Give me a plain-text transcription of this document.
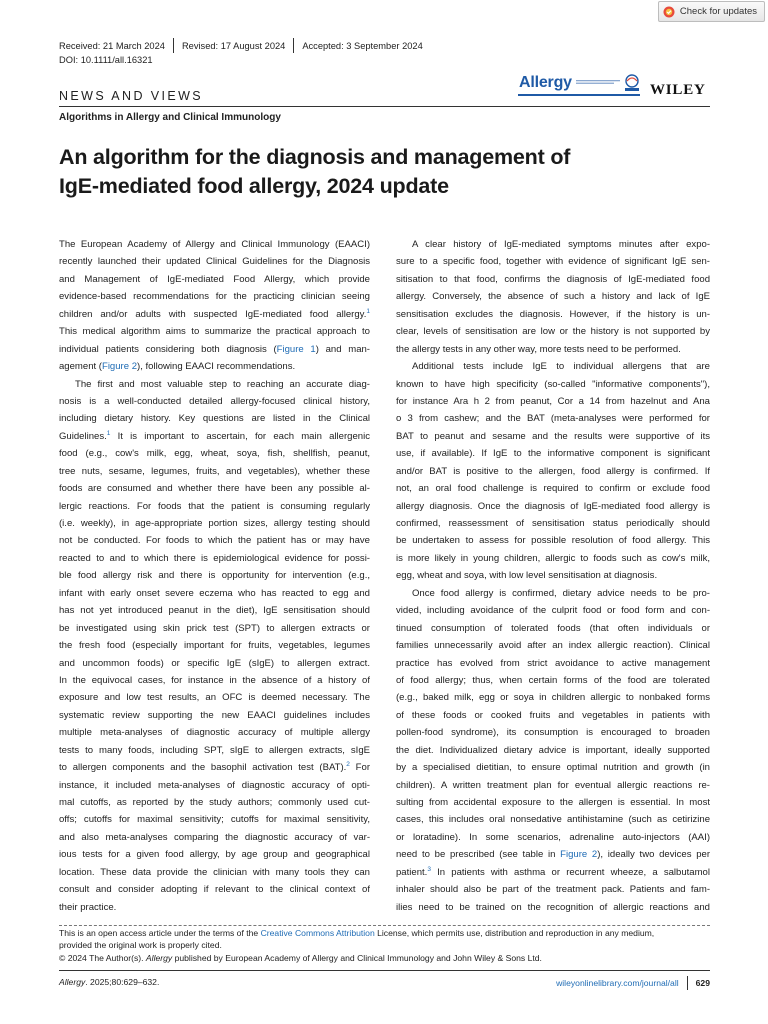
Check for updates
Received: 21 March 2024 Revised: 17 August 2024 Accepted: 3 September 2024
DOI: 10.1111/all.16321
Allergy	WILEY
NEWS AND VIEWS
Algorithms in Allergy and Clinical Immunology
An algorithm for the diagnosis and management of
IgE-mediated food allergy, 2024 update
The European Academy of Allergy and Clinical Immunology (EAACI)
recently launched their updated Clinical Guidelines for the Diagnosis
and Management of IgE-mediated Food Allergy, which provide
evidence-based recommendations for the practicing clinician seeing
children and/or adults with suspected IgE-mediated food allergy.$^1$
This medical algorithm aims to summarize the practical approach to
individual patients considering both diagnosis (Figure 1) and man-
agement (Figure 2), following EAACI recommendations.
The first and most valuable step to reaching an accurate diag-
nosis is a well-conducted detailed allergy-focused clinical history,
including dietary history. Key questions are listed in the Clinical
Guidelines.$^1$ It is important to ascertain, for each main allergenic
food (e.g., cow's milk, egg, wheat, soya, fish, shellfish, peanut,
tree nuts, sesame, legumes, fruits, and vegetables), whether these
foods are consumed and whether there have been any possible al-
lergic reactions. For foods that the patient is consuming regularly
(i.e. weekly), in age-appropriate portion sizes, allergy testing should
not be conducted. For foods to which the patient has or may have
reacted to and to which there is epidemiological evidence for possi-
ble food allergy risk and there is opportunity for intervention (e.g.,
infant with early onset severe eczema who has reacted to egg and
has not yet introduced peanut in the diet), IgE sensitisation should
be investigated using skin prick test (SPT) to allergen extracts or
the fresh food (especially important for fruits, vegetables, legumes
and uncommon foods) or specific IgE (sIgE) to allergen extract.
In the equivocal cases, for instance in the absence of a history of
exposure and low test results, an OFC is deemed necessary. The
systematic review supporting the new EAACI guidelines includes
multiple meta-analyses of diagnostic accuracy of multiple allergy
tests to many foods, including SPT, sIgE to allergen extracts, sIgE
to allergen components and the basophil activation test (BAT).$^2$ For
instance, it included meta-analyses of diagnostic accuracy of opti-
mal cutoffs, as reported by the study authors; commonly used cut-
offs; cutoffs for maximal sensitivity; cutoffs for maximal sensitivity,
and also meta-analyses comparing the diagnostic accuracy of var-
ious tests for a given food allergy, by age group and geographical
location. These data provide the clinician with many tools they can
consult and consider adopting if relevant to the clinical context of
their practice.
A clear history of IgE-mediated symptoms minutes after expo-
sure to a specific food, together with evidence of significant IgE sen-
sitisation to that food, confirms the diagnosis of IgE-mediated food
allergy. Conversely, the absence of such a history and lack of IgE
sensitisation excludes the diagnosis. However, if the history is un-
clear, levels of sensitisation are low or the history is not supported by
the allergy tests in any other way, more tests need to be performed.
Additional tests include IgE to individual allergens that are
known to have high specificity (so-called "informative components"),
for instance Ara h 2 from peanut, Cor a 14 from hazelnut and Ana
o 3 from cashew; and the BAT (meta-analyses were performed for
BAT to peanut and sesame and the results were supportive of its
use, if available). If IgE to the informative component is significant
and/or BAT is positive to the allergen, food allergy is confirmed. If
not, an oral food challenge is required to confirm or exclude food
allergy diagnosis. Once the diagnosis of IgE-mediated food allergy is
confirmed, reassessment of sensitisation status periodically should
be undertaken to assess for possible resolution of food allergy. This
is more likely in young children, allergic to foods such as cow's milk,
egg, wheat and soya, with low level sensitisation at diagnosis.
Once food allergy is confirmed, dietary advice needs to be pro-
vided, including avoidance of the culprit food or food form and con-
tinued consumption of tolerated foods (that often individuals or
families unnecessarily avoid after an index allergic reaction). Clinical
practice has evolved from strict avoidance to active management
of food allergy; thus, when certain forms of the food are tolerated
(e.g., baked milk, egg or soya in children allergic to nonbaked forms
of these foods or cooked fruits and vegetables in patients with
pollen-food syndrome), its consumption is encouraged to broaden
the diet. Individualized dietary advice is important, ideally supported
by a specialised dietitian, to ensure optimal nutrition and growth (in
children). A written treatment plan for eventual allergic reactions re-
sulting from accidental exposure to the allergen is essential. In most
cases, this includes oral nonsedative antihistamine (such as cetirizine
or loratadine). In some scenarios, adrenaline auto-injectors (AAI)
need to be prescribed (see table in Figure 2), ideally two devices per
patient.$^3$ In patients with asthma or recurrent wheeze, a salbutamol
inhaler should also be part of the treatment pack. Patients and fam-
ilies need to be trained on the recognition of allergic reactions and
This is an open access article under the terms of the Creative Commons Attribution License, which permits use, distribution and reproduction in any medium,
provided the original work is properly cited.
© 2024 The Author(s). Allergy published by European Academy of Allergy and Clinical Immunology and John Wiley & Sons Ltd.
Allergy. 2025;80:629–632.	wileyonlinelibrary.com/journal/all 629
